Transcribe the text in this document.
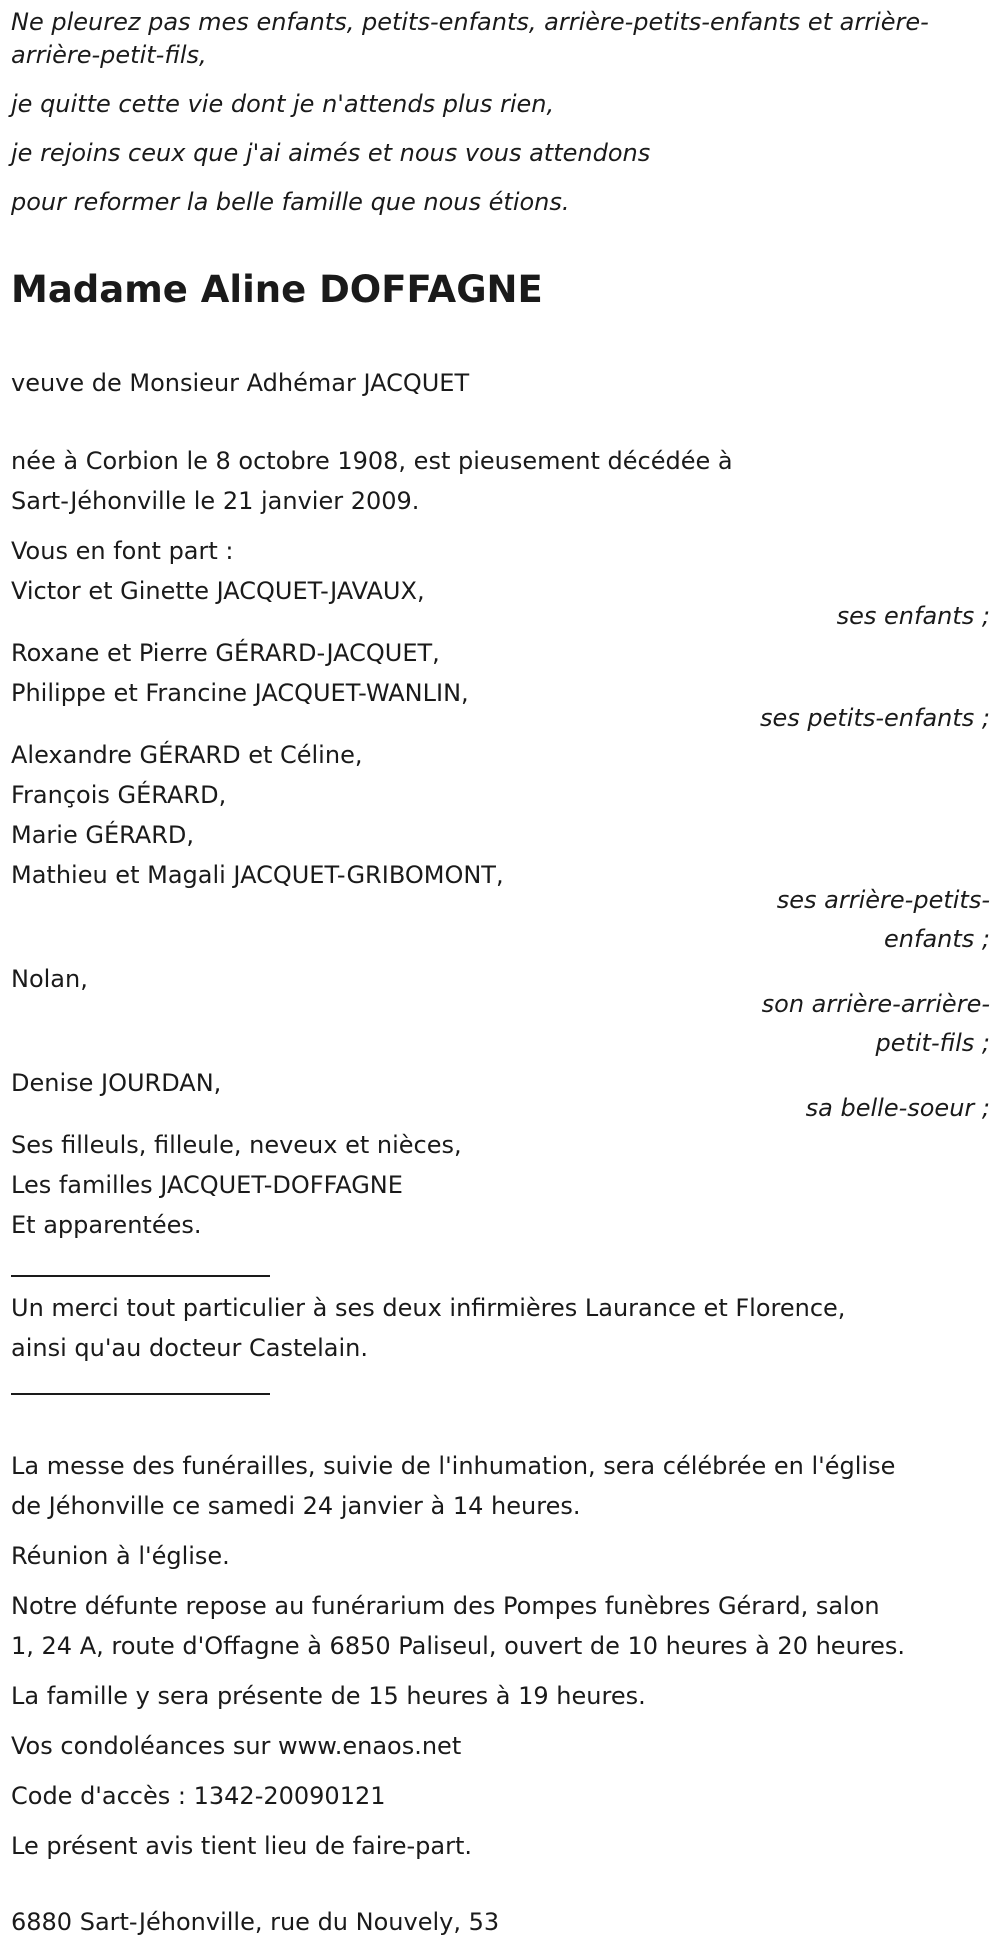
Ne pleurez pas mes enfants, petits-enfants, arrière-petits-enfants et arrière-arrière-petit-fils,

je quitte cette vie dont je n'attends plus rien,

je rejoins ceux que j'ai aimés et nous vous attendons

pour reformer la belle famille que nous étions.

Madame Aline DOFFAGNE
veuve de Monsieur Adhémar JACQUET
née à Corbion le 8 octobre 1908, est pieusement décédée à
Sart-Jéhonville le 21 janvier 2009.
Vous en font part :
Victor et Ginette JACQUET-JAVAUX,
ses enfants ;
Roxane et Pierre GÉRARD-JACQUET,
Philippe et Francine JACQUET-WANLIN,
ses petits-enfants ;
Alexandre GÉRARD et Céline,
François GÉRARD,
Marie GÉRARD,
Mathieu et Magali JACQUET-GRIBOMONT,
ses arrière-petits-
enfants ;
Nolan,
son arrière-arrière-
petit-fils ;
Denise JOURDAN,
sa belle-soeur ;
Ses filleuls, filleule, neveux et nièces,
Les familles JACQUET-DOFFAGNE
Et apparentées.
Un merci tout particulier à ses deux infirmières Laurance et Florence,
ainsi qu'au docteur Castelain.
La messe des funérailles, suivie de l'inhumation, sera célébrée en l'église
de Jéhonville ce samedi 24 janvier à 14 heures.
Réunion à l'église.
Notre défunte repose au funérarium des Pompes funèbres Gérard, salon
1, 24 A, route d'Offagne à 6850 Paliseul, ouvert de 10 heures à 20 heures.
La famille y sera présente de 15 heures à 19 heures.
Vos condoléances sur www.enaos.net
Code d'accès : 1342-20090121
Le présent avis tient lieu de faire-part.
6880 Sart-Jéhonville, rue du Nouvely, 53
